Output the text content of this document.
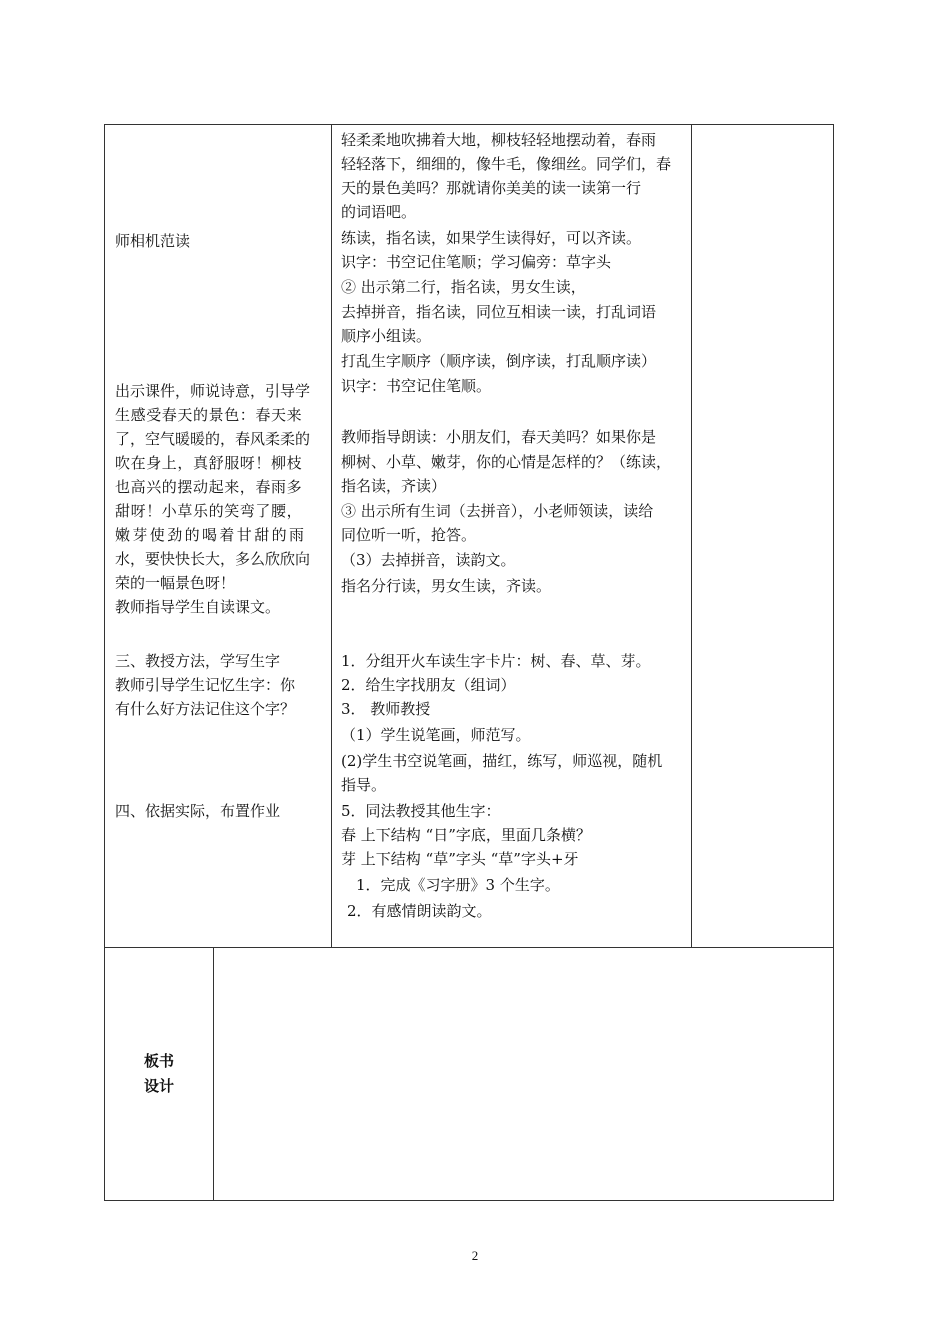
师相机范读
出示课件，师说诗意，引导学
生感受春天的景色：春天来
了，空气暖暖的，春风柔柔的
吹在身上，真舒服呀！柳枝
也高兴的摆动起来，春雨多
甜呀！小草乐的笑弯了腰，
嫩芽使劲的喝着甘甜的雨
水，要快快长大，多么欣欣向
荣的一幅景色呀！
教师指导学生自读课文。
三、教授方法，学写生字
教师引导学生记忆生字：你
有什么好方法记住这个字？
四、依据实际，布置作业
轻柔柔地吹拂着大地，柳枝轻轻地摆动着，春雨
轻轻落下，细细的，像牛毛，像细丝。同学们，春
天的景色美吗？那就请你美美的读一读第一行
的词语吧。
练读，指名读，如果学生读得好，可以齐读。
识字：书空记住笔顺；学习偏旁：草字头
② 出示第二行，指名读，男女生读，
去掉拼音，指名读，同位互相读一读，打乱词语
顺序小组读。
打乱生字顺序（顺序读，倒序读，打乱顺序读）
识字：书空记住笔顺。
教师指导朗读：小朋友们，春天美吗？如果你是
柳树、小草、嫩芽，你的心情是怎样的？（练读，
指名读，齐读）
③ 出示所有生词（去拼音），小老师领读，读给
同位听一听，抢答。
（3）去掉拼音，读韵文。
指名分行读，男女生读，齐读。
1．分组开火车读生字卡片：树、春、草、芽。
2．给生字找朋友（组词）
3． 教师教授
（1）学生说笔画，师范写。
(2)学生书空说笔画，描红，练写，师巡视，随机
指导。
5．同法教授其他生字：
春 上下结构 “日”字底，里面几条横？
芽 上下结构 “草”字头 “草”字头+牙
1．完成《习字册》3 个生字。
2．有感情朗读韵文。
板书
设计
2
